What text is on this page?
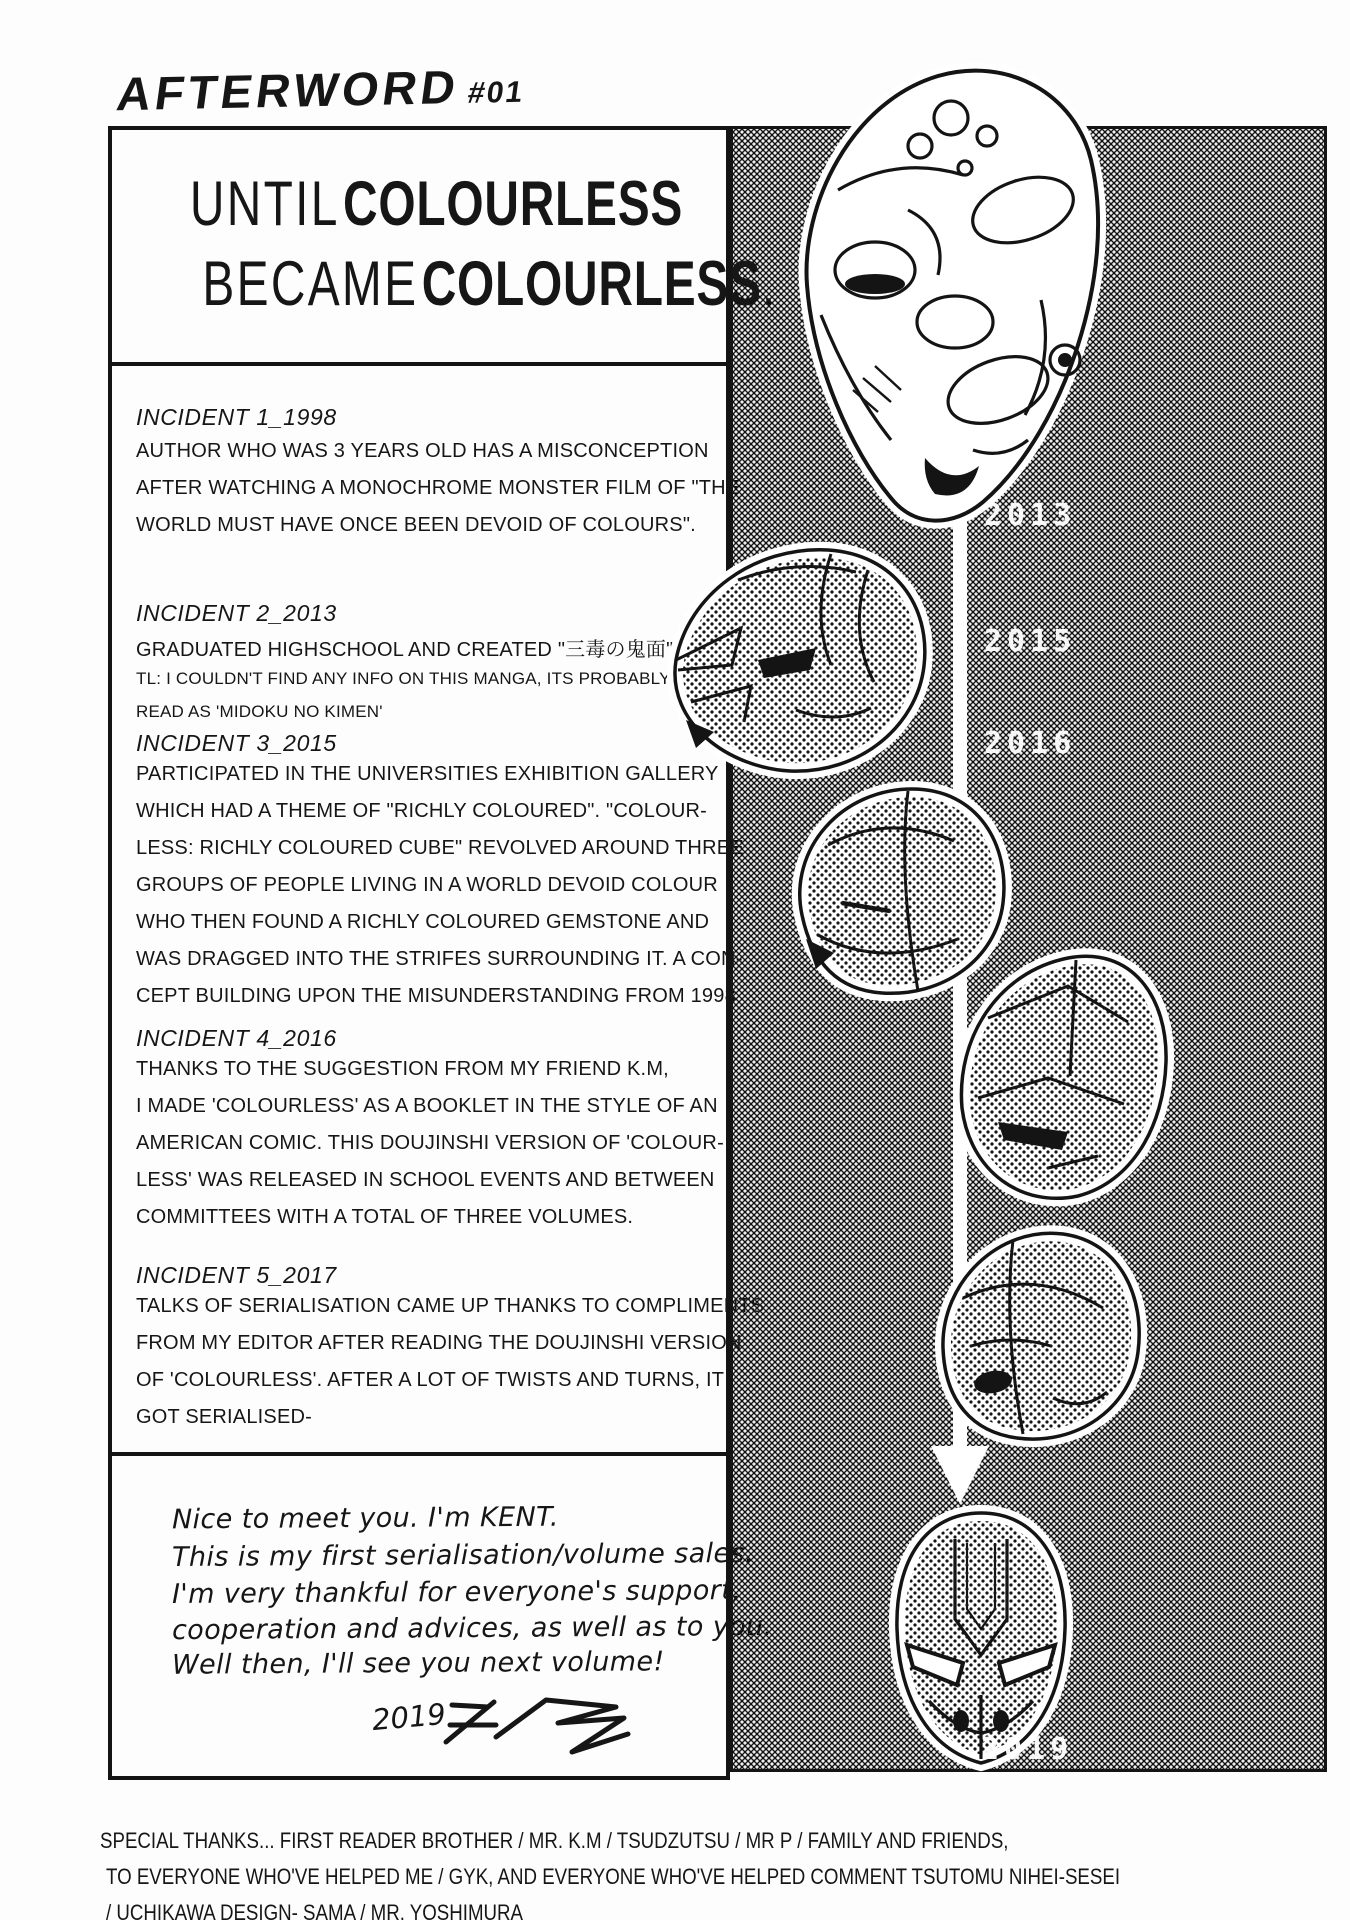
AFTERWORD #01
2013
2015
2016
2019
UNTIL COLOURLESS
BECAME COLOURLESS.
INCIDENT 1_1998
AUTHOR WHO WAS 3 YEARS OLD HAS A MISCONCEPTION
AFTER WATCHING A MONOCHROME MONSTER FILM OF "THE
WORLD MUST HAVE ONCE BEEN DEVOID OF COLOURS".
INCIDENT 2_2013
GRADUATED HIGHSCHOOL AND CREATED "三毒の鬼面"
TL: I COULDN'T FIND ANY INFO ON THIS MANGA, ITS PROBABLY
READ AS 'MIDOKU NO KIMEN'
INCIDENT 3_2015
PARTICIPATED IN THE UNIVERSITIES EXHIBITION GALLERY
WHICH HAD A THEME OF "RICHLY COLOURED". "COLOUR-
LESS: RICHLY COLOURED CUBE" REVOLVED AROUND THREE
GROUPS OF PEOPLE LIVING IN A WORLD DEVOID COLOUR
WHO THEN FOUND A RICHLY COLOURED GEMSTONE AND
WAS DRAGGED INTO THE STRIFES SURROUNDING IT. A CON-
CEPT BUILDING UPON THE MISUNDERSTANDING FROM 1998
INCIDENT 4_2016
THANKS TO THE SUGGESTION FROM MY FRIEND K.M,
I MADE 'COLOURLESS' AS A BOOKLET IN THE STYLE OF AN
AMERICAN COMIC. THIS DOUJINSHI VERSION OF 'COLOUR-
LESS' WAS RELEASED IN SCHOOL EVENTS AND BETWEEN
COMMITTEES WITH A TOTAL OF THREE VOLUMES.
INCIDENT 5_2017
TALKS OF SERIALISATION CAME UP THANKS TO COMPLIMENTS
FROM MY EDITOR AFTER READING THE DOUJINSHI VERSION
OF 'COLOURLESS'. AFTER A LOT OF TWISTS AND TURNS, IT
GOT SERIALISED-
Nice to meet you. I'm KENT.
This is my first serialisation/volume sales.
I'm very thankful for everyone's support,
cooperation and advices, as well as to you.
Well then, I'll see you next volume!
2019
SPECIAL THANKS... FIRST READER BROTHER / MR. K.M / TSUDZUTSU / MR P / FAMILY AND FRIENDS,
TO EVERYONE WHO'VE HELPED ME / GYK, AND EVERYONE WHO'VE HELPED COMMENT TSUTOMU NIHEI-SESEI
/ UCHIKAWA DESIGN- SAMA / MR. YOSHIMURA
